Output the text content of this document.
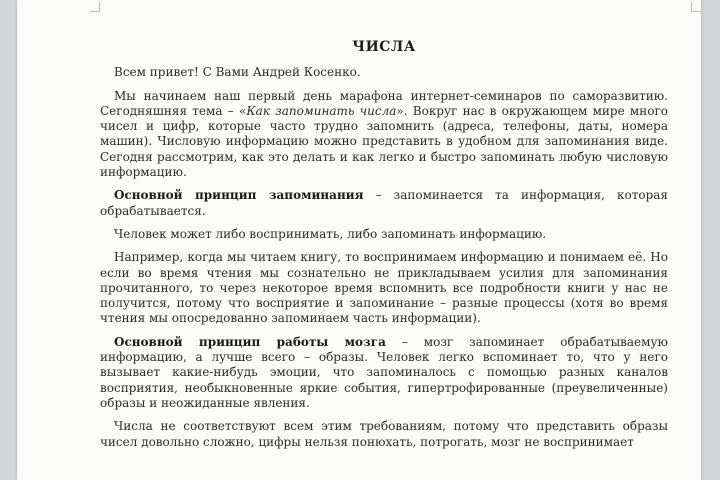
ЧИСЛА

Всем привет! С Вами Андрей Косенко.

Мы начинаем наш первый день марафона интернет-семинаров по саморазвитию. Сегодняшняя тема – «Как запоминать числа». Вокруг нас в окружающем мире много чисел и цифр, которые часто трудно запомнить (адреса, телефоны, даты, номера машин). Числовую информацию можно представить в удобном для запоминания виде. Сегодня рассмотрим, как это делать и как легко и быстро запоминать любую числовую информацию.

Основной принцип запоминания – запоминается та информация, которая обрабатывается.

Человек может либо воспринимать, либо запоминать информацию.

Например, когда мы читаем книгу, то воспринимаем информацию и понимаем её. Но если во время чтения мы сознательно не прикладываем усилия для запоминания прочитанного, то через некоторое время вспомнить все подробности книги у нас не получится, потому что восприятие и запоминание – разные процессы (хотя во время чтения мы опосредованно запоминаем часть информации).

Основной принцип работы мозга – мозг запоминает обрабатываемую информацию, а лучше всего – образы. Человек легко вспоминает то, что у него вызывает какие-нибудь эмоции, что запоминалось с помощью разных каналов восприятия, необыкновенные яркие события, гипертрофированные (преувеличенные) образы и неожиданные явления.

Числа не соответствуют всем этим требованиям, потому что представить образы чисел довольно сложно, цифры нельзя понюхать, потрогать, мозг не воспринимает
